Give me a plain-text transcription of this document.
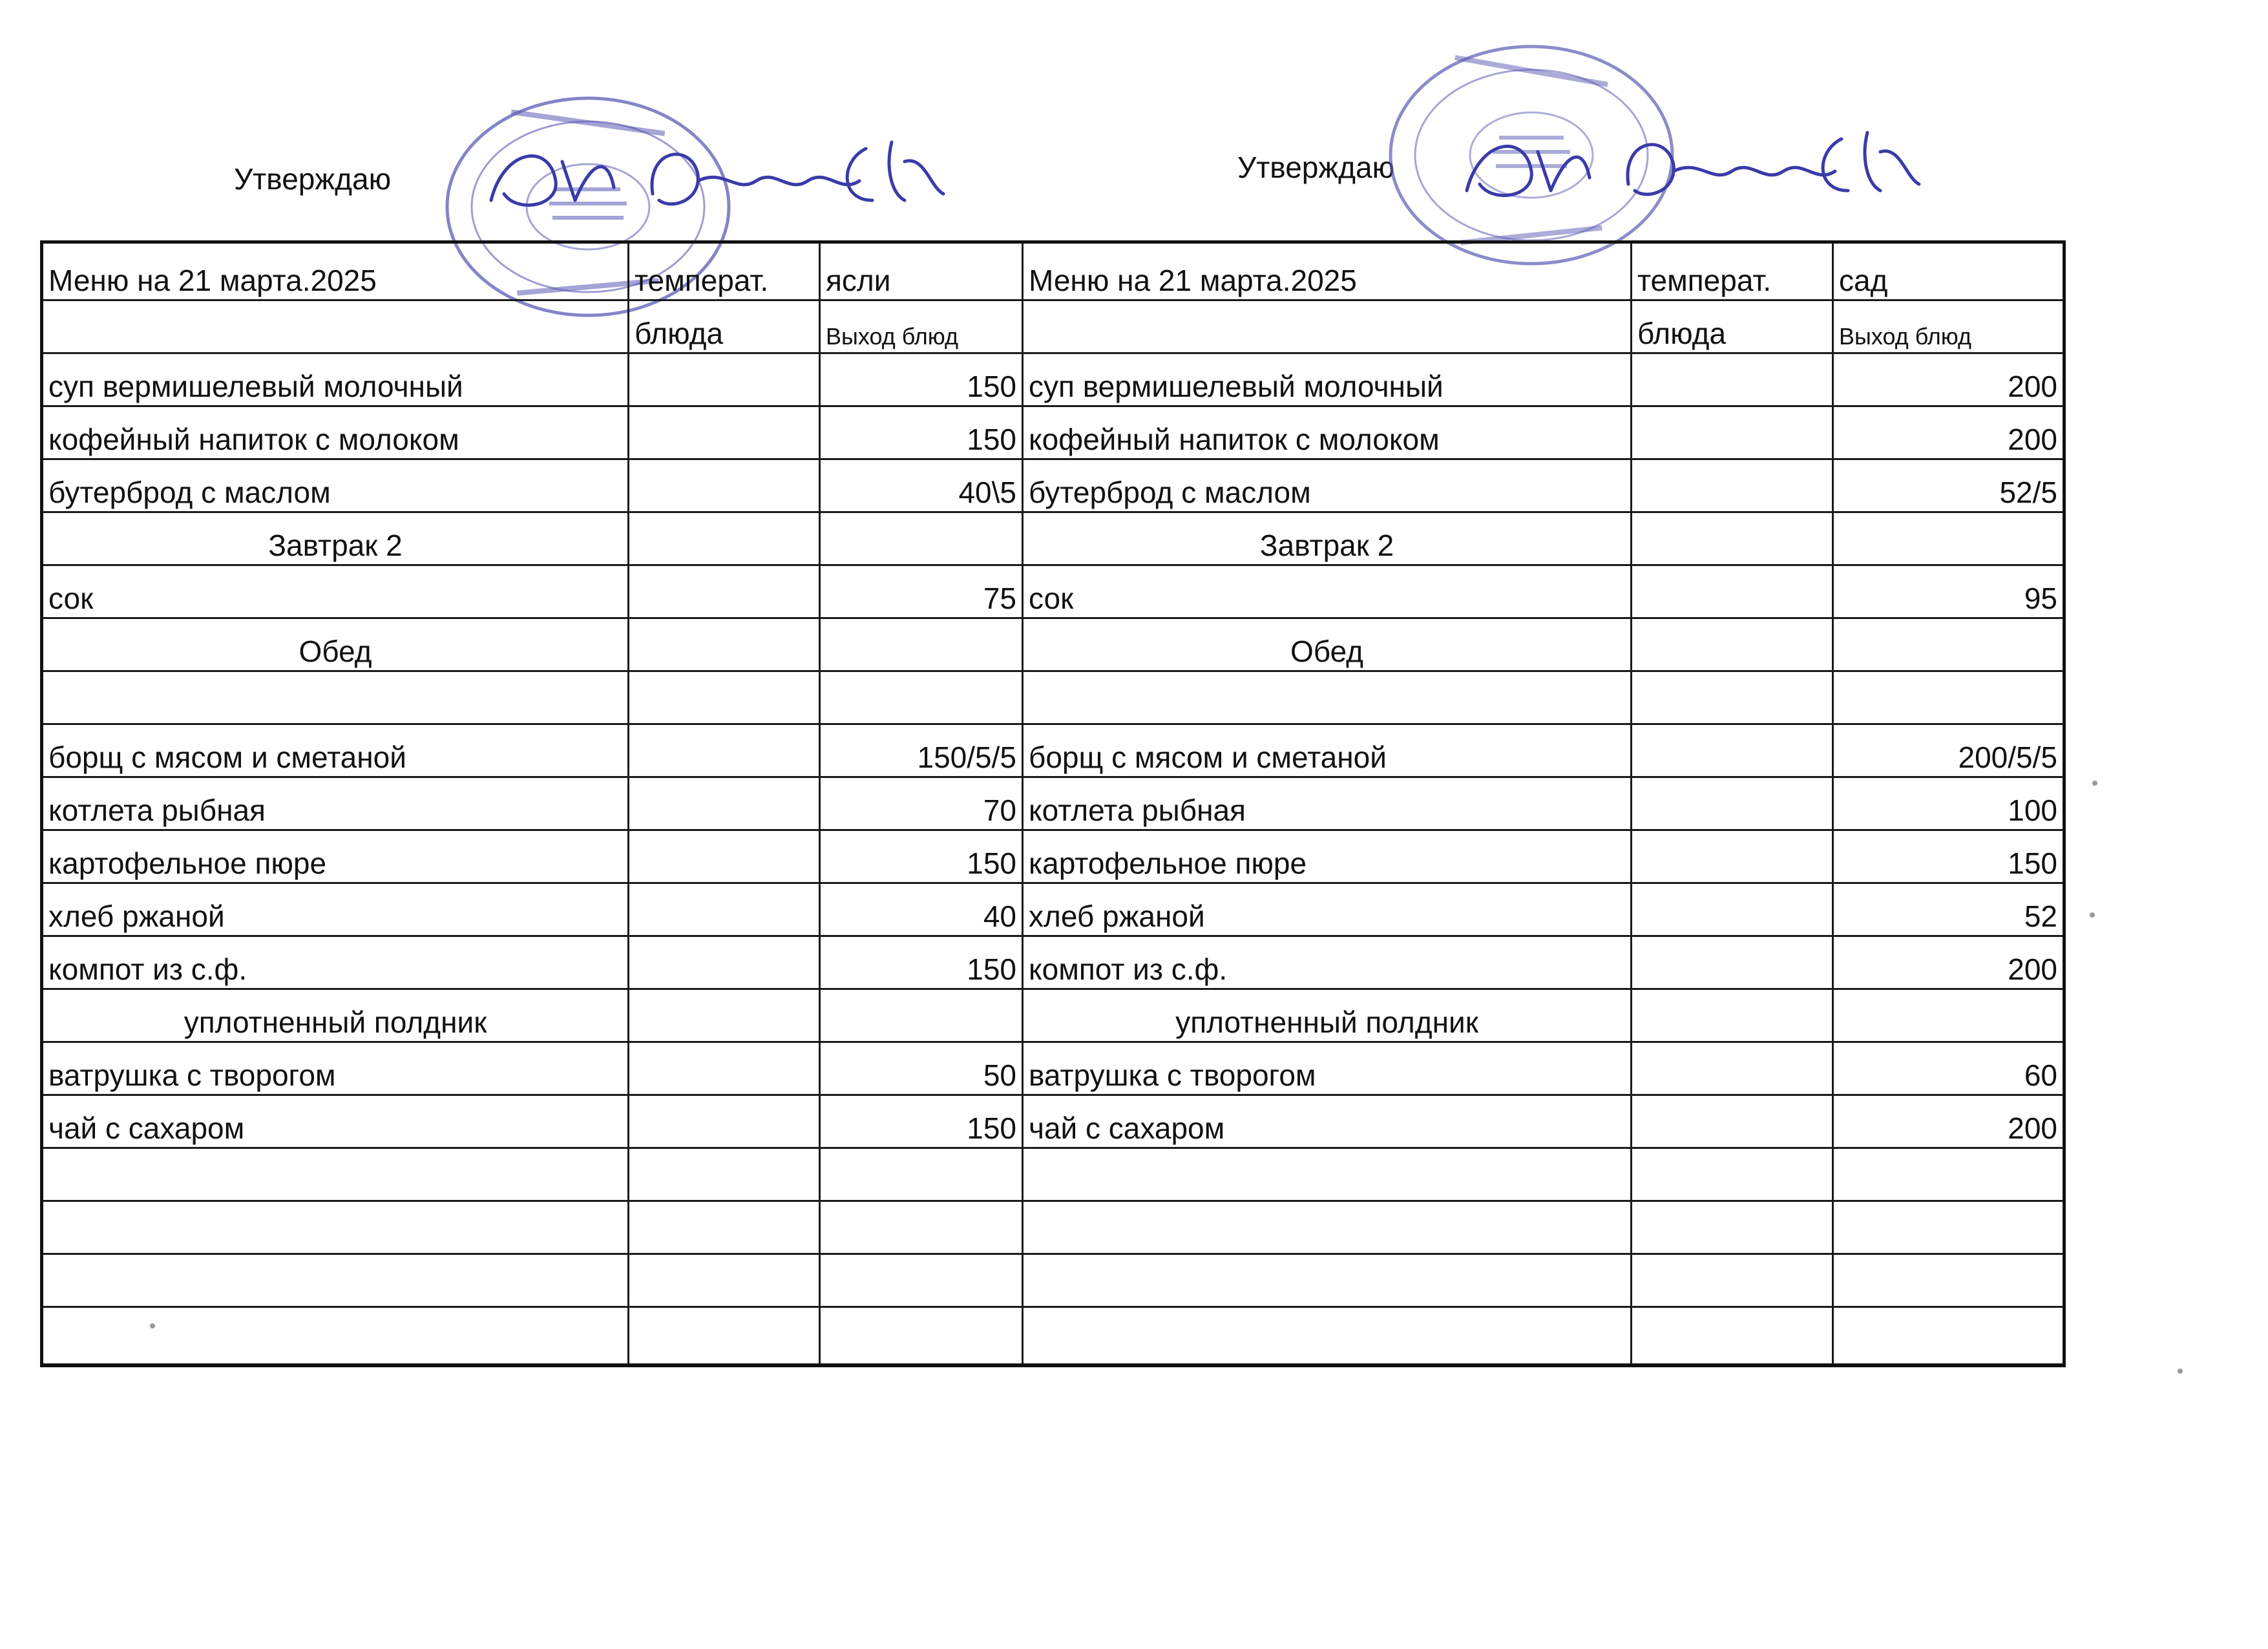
Утверждаю	Утверждаю
Меню на 21 марта.2025	температ.	ясли	Меню на 21 марта.2025	температ.	сад
	блюда	Выход блюд		блюда	Выход блюд
суп вермишелевый молочный		150	суп вермишелевый молочный		200
кофейный напиток с молоком		150	кофейный напиток с молоком		200
бутерброд с маслом		40\5	бутерброд с маслом		52/5
Завтрак 2			Завтрак 2		
сок		75	сок		95
Обед			Обед		

борщ с мясом и сметаной		150/5/5	борщ с мясом и сметаной		200/5/5
котлета рыбная		70	котлета рыбная		100
картофельное пюре		150	картофельное пюре		150
хлеб ржаной		40	хлеб ржаной		52
компот из с.ф.		150	компот из с.ф.		200
уплотненный полдник			уплотненный полдник		
ватрушка с творогом		50	ватрушка с творогом		60
чай с сахаром		150	чай с сахаром		200
